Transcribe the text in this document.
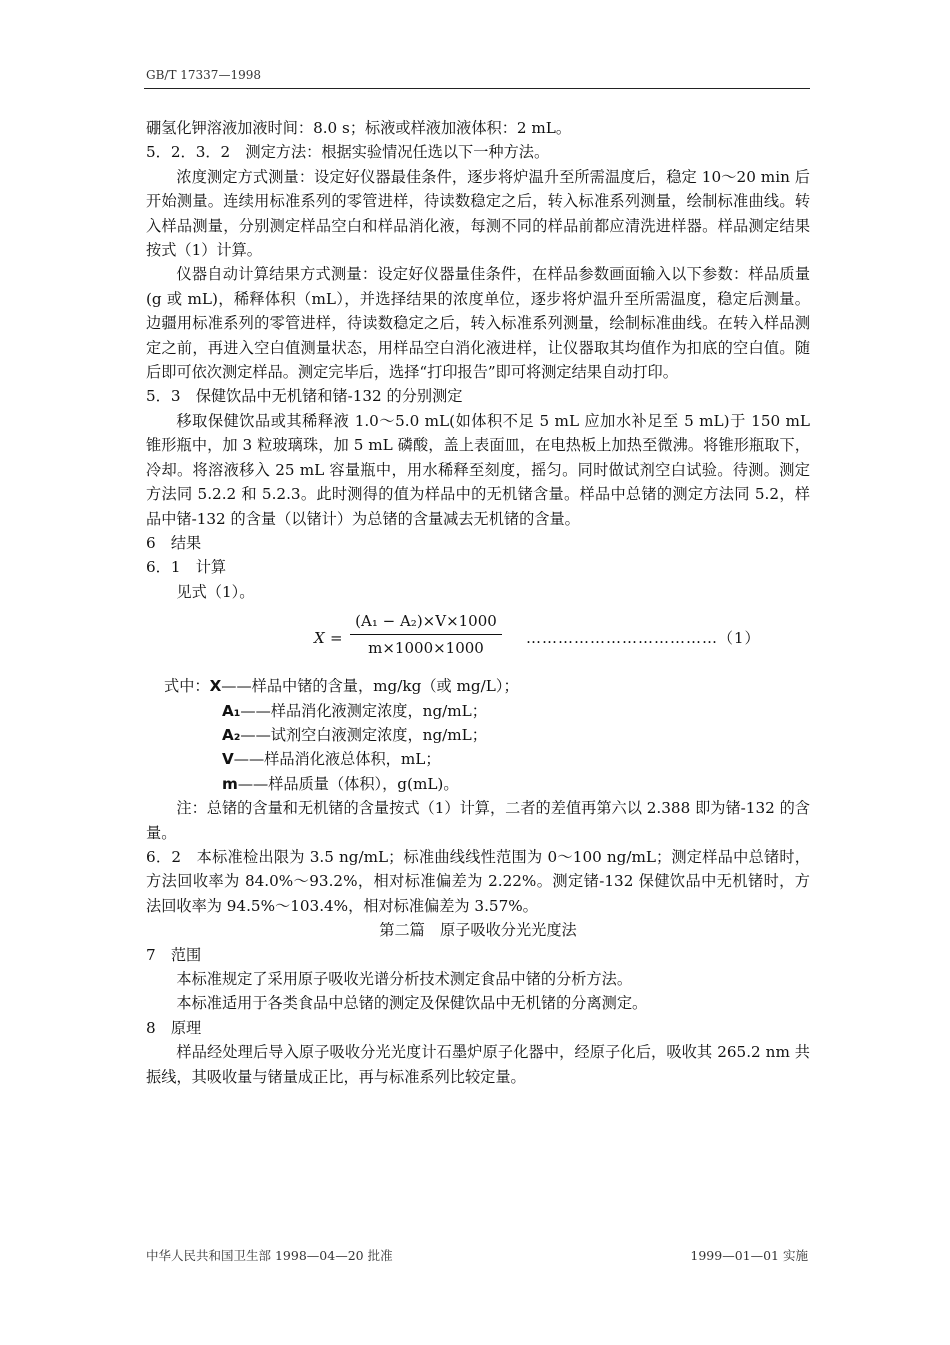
GB/T 17337—1998

硼氢化钾溶液加液时间：8.0 s；标液或样液加液体积：2 mL。

5．2．3．2　测定方法：根据实验情况任选以下一种方法。

浓度测定方式测量：设定好仪器最佳条件，逐步将炉温升至所需温度后，稳定 10～20 min 后开始测量。连续用标准系列的零管进样，待读数稳定之后，转入标准系列测量，绘制标准曲线。转入样品测量，分别测定样品空白和样品消化液，每测不同的样品前都应清洗进样器。样品测定结果按式（1）计算。

仪器自动计算结果方式测量：设定好仪器量佳条件，在样品参数画面输入以下参数：样品质量(g 或 mL)，稀释体积（mL），并选择结果的浓度单位，逐步将炉温升至所需温度，稳定后测量。边疆用标准系列的零管进样，待读数稳定之后，转入标准系列测量，绘制标准曲线。在转入样品测定之前，再进入空白值测量状态，用样品空白消化液进样，让仪器取其均值作为扣底的空白值。随后即可依次测定样品。测定完毕后，选择“打印报告”即可将测定结果自动打印。

5．3　保健饮品中无机锗和锗-132 的分别测定

移取保健饮品或其稀释液 1.0～5.0 mL(如体积不足 5 mL 应加水补足至 5 mL)于 150 mL 锥形瓶中，加 3 粒玻璃珠，加 5 mL 磷酸，盖上表面皿，在电热板上加热至微沸。将锥形瓶取下，冷却。将溶液移入 25 mL 容量瓶中，用水稀释至刻度，摇匀。同时做试剂空白试验。待测。测定方法同 5.2.2 和 5.2.3。此时测得的值为样品中的无机锗含量。样品中总锗的测定方法同 5.2，样品中锗-132 的含量（以锗计）为总锗的含量减去无机锗的含量。

6　结果

6．1　计算

见式（1）。

X =
(A₁ − A₂)×V×1000
m×1000×1000
………………………………（1）
式中：X——样品中锗的含量，mg/kg（或 mg/L）；
A₁——样品消化液测定浓度，ng/mL；
A₂——试剂空白液测定浓度，ng/mL；
V——样品消化液总体积，mL；
m——样品质量（体积），g(mL)。

注：总锗的含量和无机锗的含量按式（1）计算，二者的差值再第六以 2.388 即为锗-132 的含量。

6．2　本标准检出限为 3.5 ng/mL；标准曲线线性范围为 0～100 ng/mL；测定样品中总锗时，方法回收率为 84.0%～93.2%，相对标准偏差为 2.22%。测定锗-132 保健饮品中无机锗时，方法回收率为 94.5%～103.4%，相对标准偏差为 3.57%。

第二篇　原子吸收分光光度法

7　范围

本标准规定了采用原子吸收光谱分析技术测定食品中锗的分析方法。

本标准适用于各类食品中总锗的测定及保健饮品中无机锗的分离测定。

8　原理

样品经处理后导入原子吸收分光光度计石墨炉原子化器中，经原子化后，吸收其 265.2 nm 共振线，其吸收量与锗量成正比，再与标准系列比较定量。

中华人民共和国卫生部 1998—04—20 批准	1999—01—01 实施
